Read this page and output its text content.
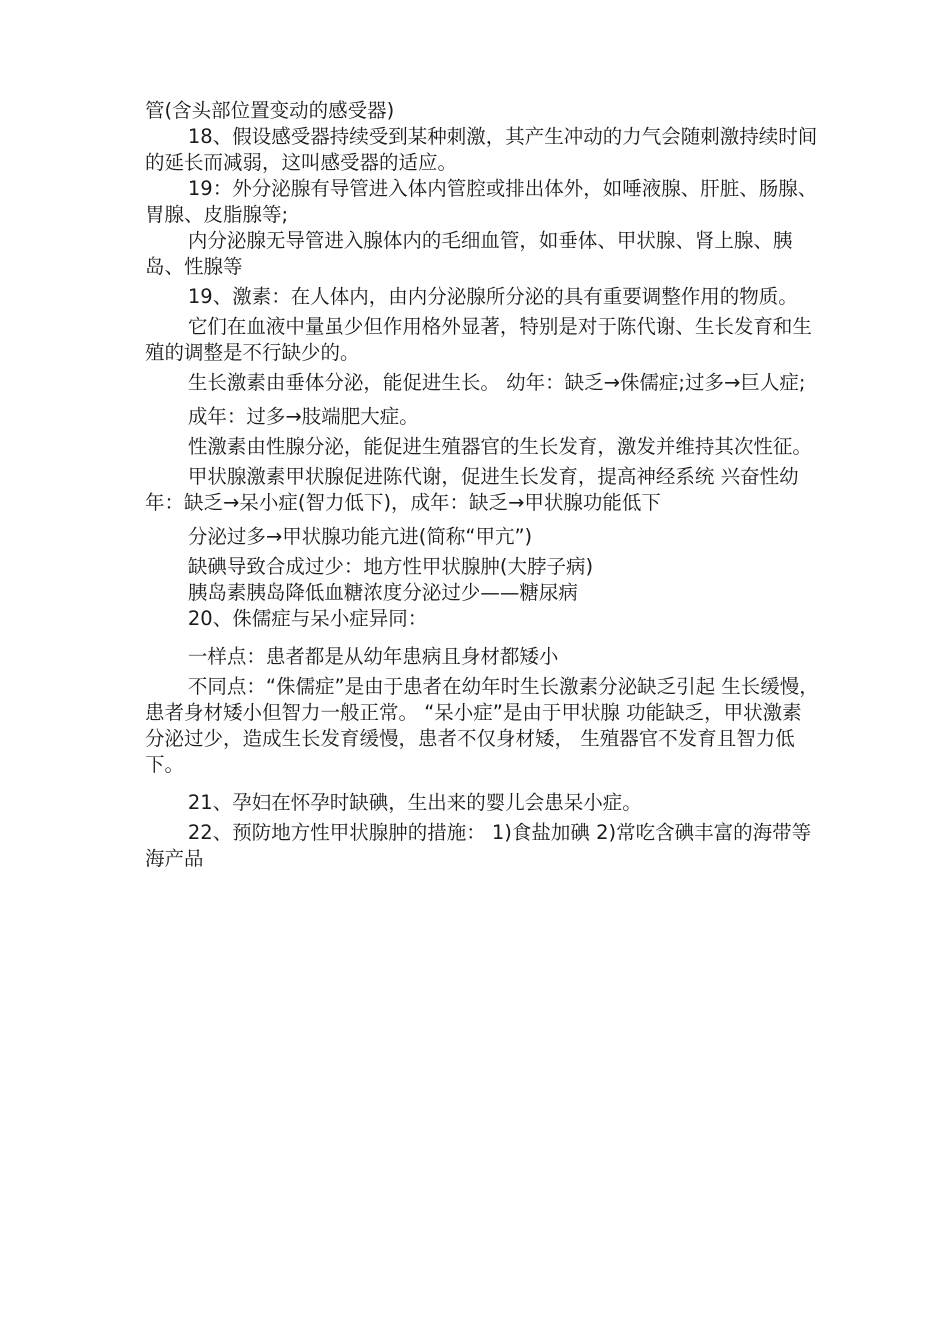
管(含头部位置变动的感受器)

18、假设感受器持续受到某种刺激，其产生冲动的力气会随刺激持续时间的延长而减弱，这叫感受器的适应。

19：外分泌腺有导管进入体内管腔或排出体外，如唾液腺、肝脏、肠腺、胃腺、皮脂腺等;

内分泌腺无导管进入腺体内的毛细血管，如垂体、甲状腺、肾上腺、胰岛、性腺等

19、激素：在人体内，由内分泌腺所分泌的具有重要调整作用的物质。

它们在血液中量虽少但作用格外显著，特别是对于陈代谢、生长发育和生殖的调整是不行缺少的。

生长激素由垂体分泌，能促进生长。 幼年：缺乏→侏儒症;过多→巨人症;

成年：过多→肢端肥大症。

性激素由性腺分泌，能促进生殖器官的生长发育，激发并维持其次性征。

甲状腺激素甲状腺促进陈代谢，促进生长发育，提高神经系统 兴奋性幼年：缺乏→呆小症(智力低下)，成年：缺乏→甲状腺功能低下

分泌过多→甲状腺功能亢进(简称“甲亢”)

缺碘导致合成过少：地方性甲状腺肿(大脖子病)

胰岛素胰岛降低血糖浓度分泌过少——糖尿病

20、侏儒症与呆小症异同：

一样点：患者都是从幼年患病且身材都矮小

不同点：“侏儒症”是由于患者在幼年时生长激素分泌缺乏引起 生长缓慢，患者身材矮小但智力一般正常。 “呆小症”是由于甲状腺 功能缺乏，甲状激素分泌过少，造成生长发育缓慢，患者不仅身材矮， 生殖器官不发育且智力低下。

21、孕妇在怀孕时缺碘，生出来的婴儿会患呆小症。

22、预防地方性甲状腺肿的措施： 1)食盐加碘 2)常吃含碘丰富的海带等海产品
